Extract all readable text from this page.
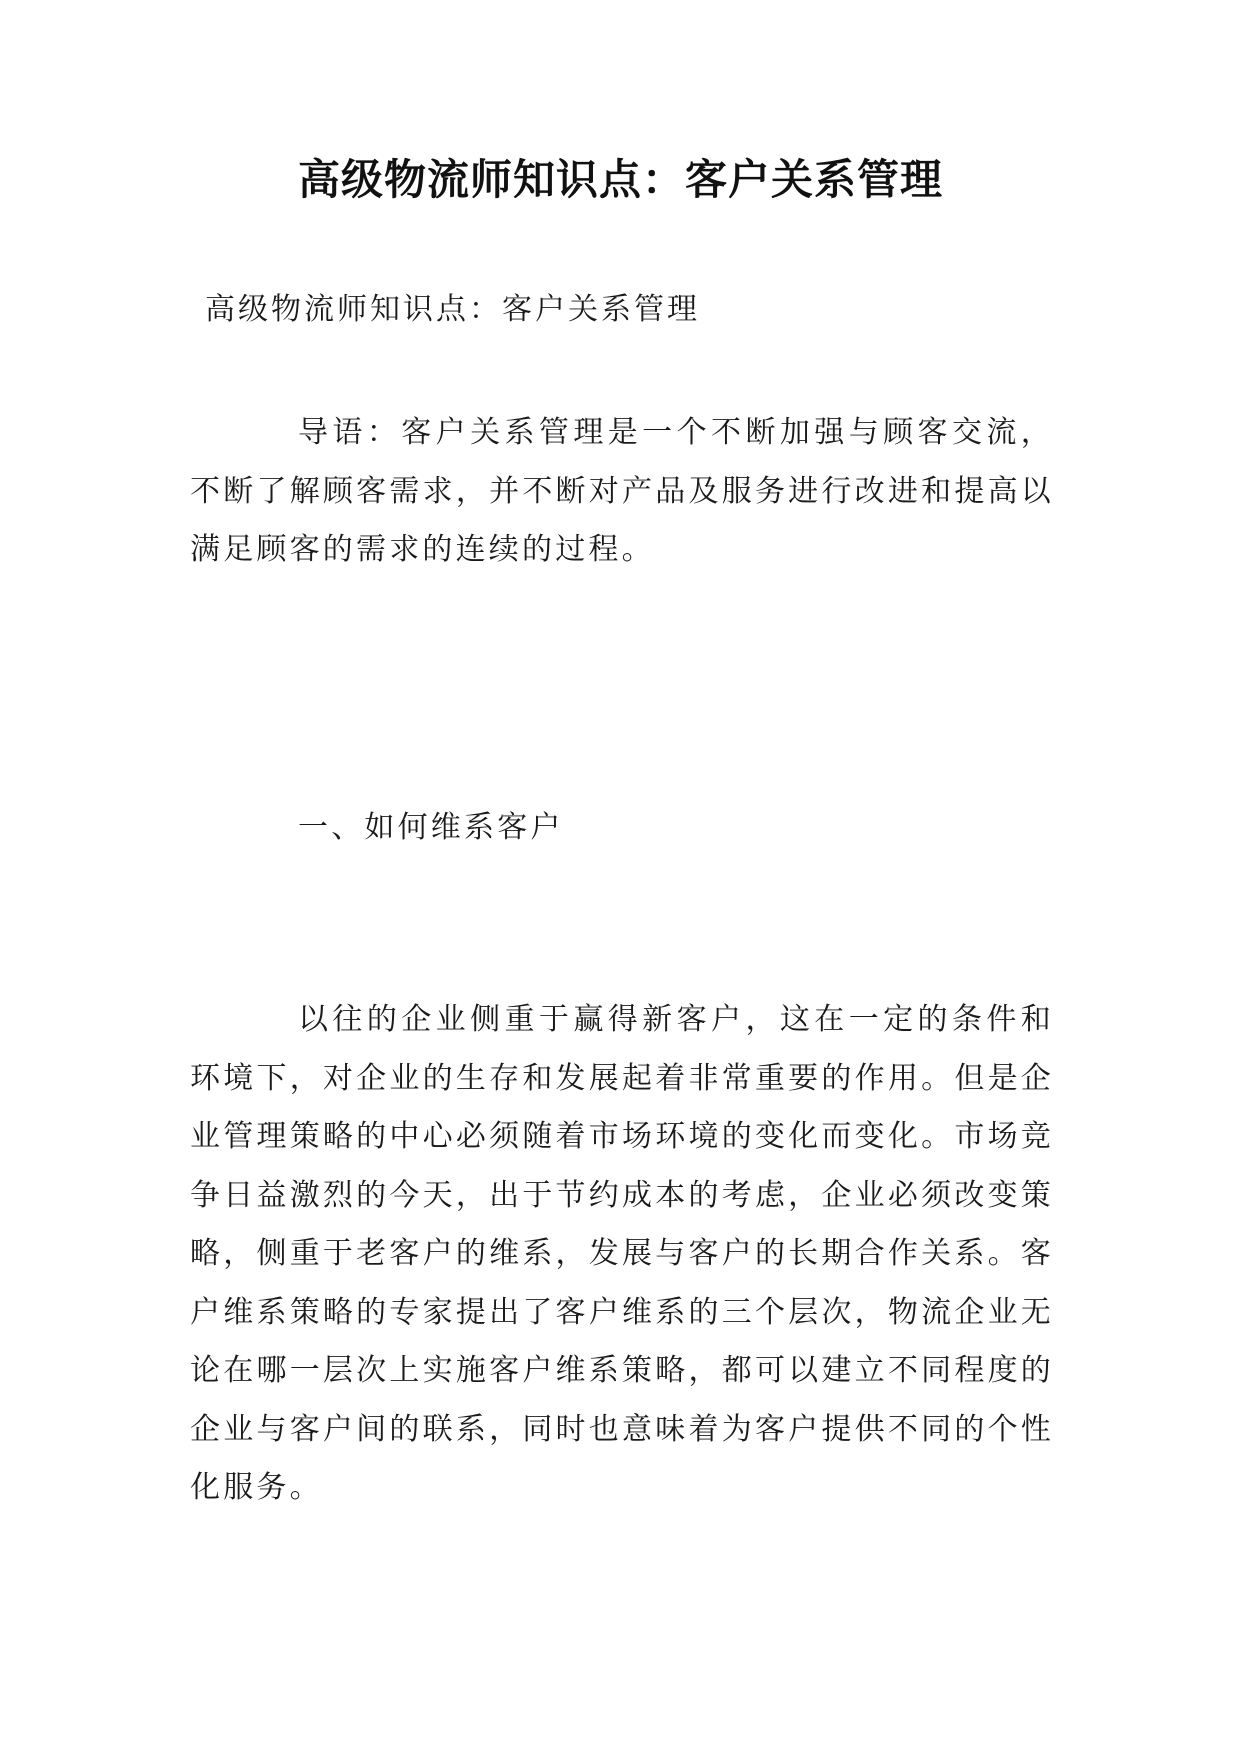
高级物流师知识点：客户关系管理

高级物流师知识点：客户关系管理

导语：客户关系管理是一个不断加强与顾客交流，不断了解顾客需求，并不断对产品及服务进行改进和提高以满足顾客的需求的连续的过程。

一、如何维系客户

以往的企业侧重于赢得新客户，这在一定的条件和环境下，对企业的生存和发展起着非常重要的作用。但是企业管理策略的中心必须随着市场环境的变化而变化。市场竞争日益激烈的今天，出于节约成本的考虑，企业必须改变策略，侧重于老客户的维系，发展与客户的长期合作关系。客户维系策略的专家提出了客户维系的三个层次，物流企业无论在哪一层次上实施客户维系策略，都可以建立不同程度的企业与客户间的联系，同时也意味着为客户提供不同的个性化服务。
